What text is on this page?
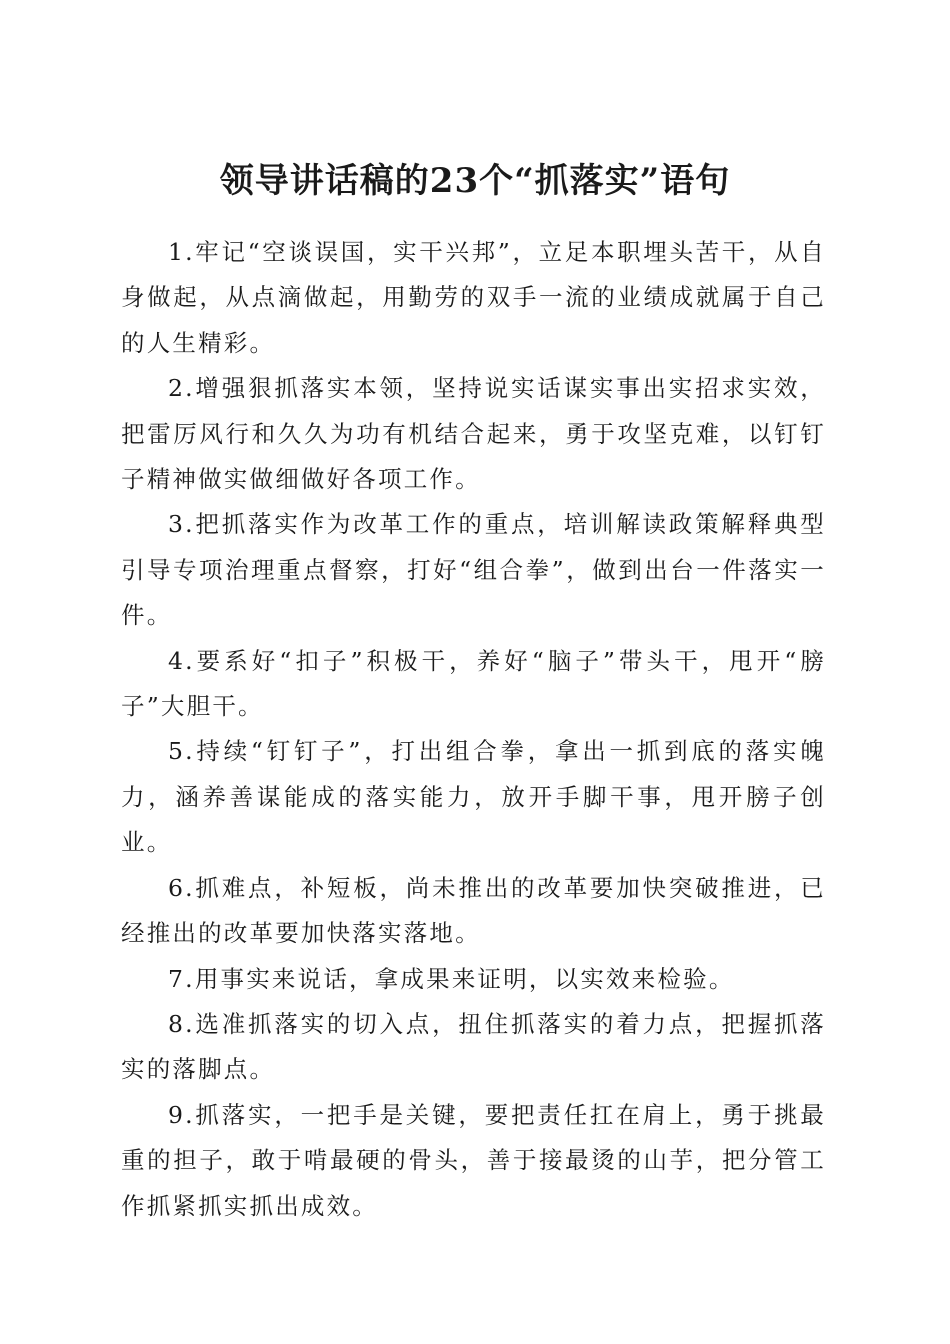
领导讲话稿的23个“抓落实”语句

1.牢记“空谈误国，实干兴邦”，立足本职埋头苦干，从自身做起，从点滴做起，用勤劳的双手一流的业绩成就属于自己的人生精彩。

2.增强狠抓落实本领，坚持说实话谋实事出实招求实效，把雷厉风行和久久为功有机结合起来，勇于攻坚克难，以钉钉子精神做实做细做好各项工作。

3.把抓落实作为改革工作的重点，培训解读政策解释典型引导专项治理重点督察，打好“组合拳”，做到出台一件落实一件。

4.要系好“扣子”积极干，养好“脑子”带头干，甩开“膀子”大胆干。

5.持续“钉钉子”，打出组合拳，拿出一抓到底的落实魄力，涵养善谋能成的落实能力，放开手脚干事，甩开膀子创业。

6.抓难点，补短板，尚未推出的改革要加快突破推进，已经推出的改革要加快落实落地。

7.用事实来说话，拿成果来证明，以实效来检验。

8.选准抓落实的切入点，扭住抓落实的着力点，把握抓落实的落脚点。

9.抓落实，一把手是关键，要把责任扛在肩上，勇于挑最重的担子，敢于啃最硬的骨头，善于接最烫的山芋，把分管工作抓紧抓实抓出成效。
